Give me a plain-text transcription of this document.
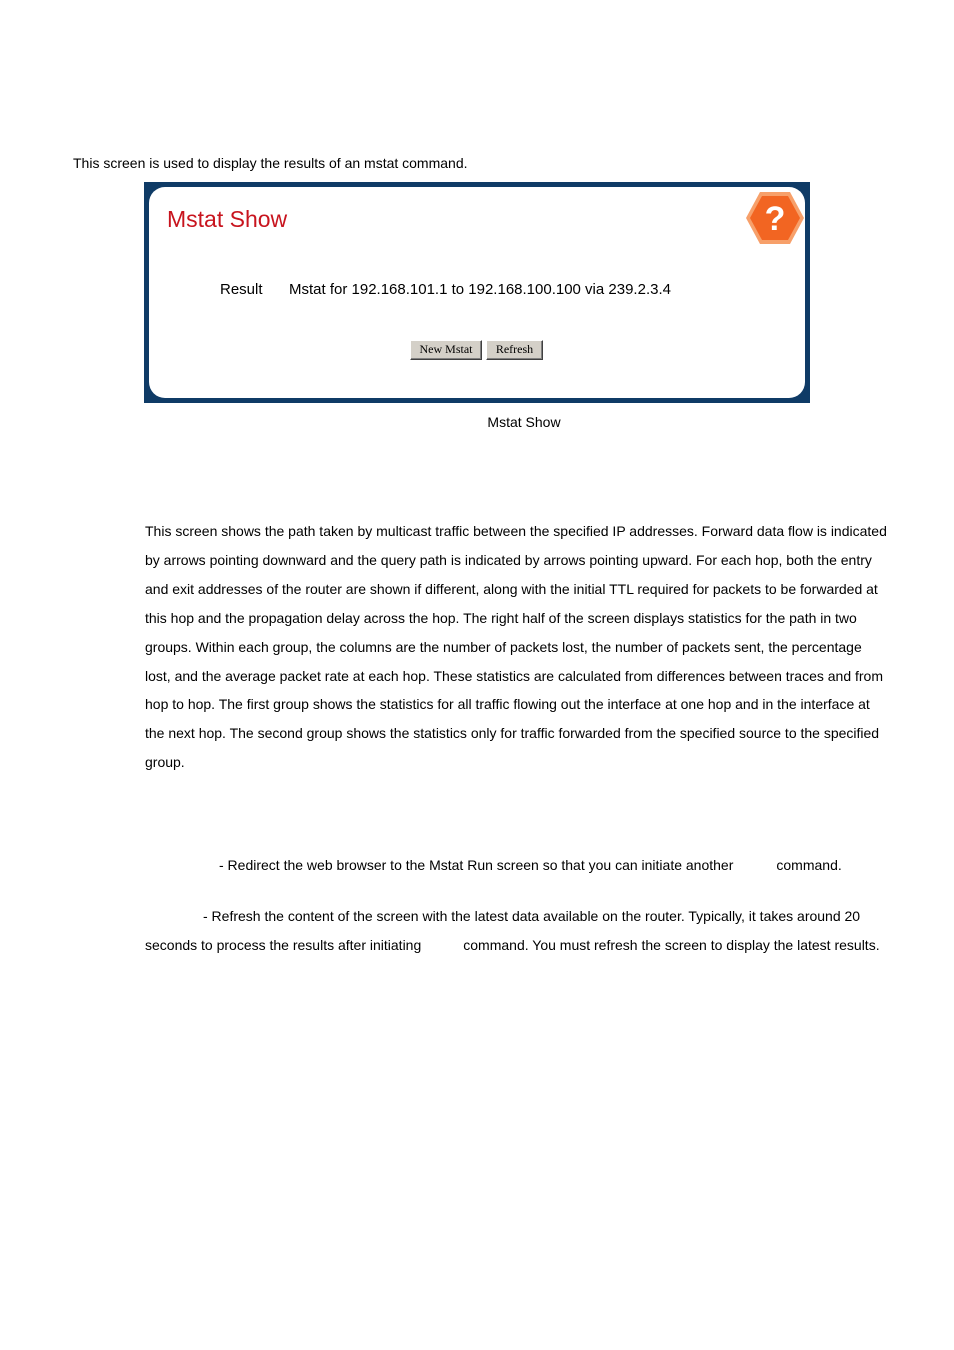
This screen is used to display the results of an mstat command.
Mstat Show	?
Result Mstat for 192.168.101.1 to 192.168.100.100 via 239.2.3.4
New Mstat	Refresh
Mstat Show

This screen shows the path taken by multicast traffic between the specified IP addresses. Forward data flow is indicated by arrows pointing downward and the query path is indicated by arrows pointing upward. For each hop, both the entry and exit addresses of the router are shown if different, along with the initial TTL required for packets to be forwarded at this hop and the propagation delay across the hop. The right half of the screen displays statistics for the path in two groups. Within each group, the columns are the number of packets lost, the number of packets sent, the percentage lost, and the average packet rate at each hop. These statistics are calculated from differences between traces and from hop to hop. The first group shows the statistics for all traffic flowing out the interface at one hop and in the interface at the next hop. The second group shows the statistics only for traffic forwarded from the specified source to the specified group.

- Redirect the web browser to the Mstat Run screen so that you can initiate another	command.

- Refresh the content of the screen with the latest data available on the router. Typically, it takes around 20 seconds to process the results after initiating	command. You must refresh the screen to display the latest results.
